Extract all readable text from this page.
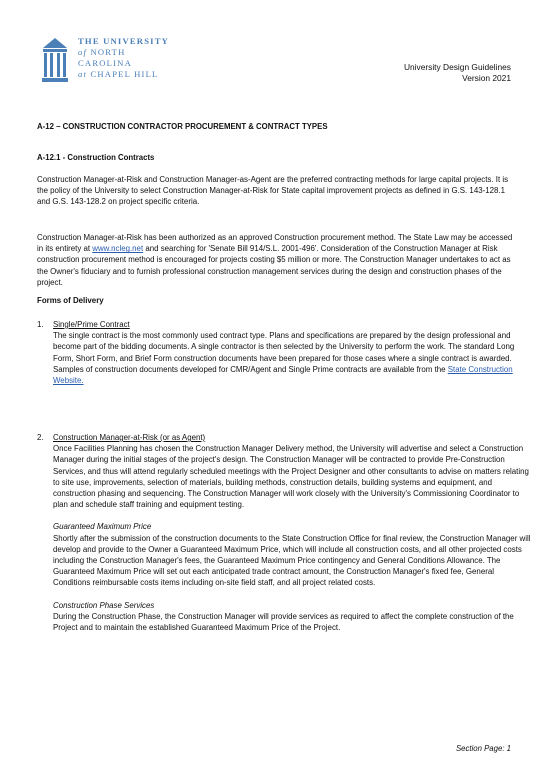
THE UNIVERSITY
of NORTH CAROLINA
at CHAPEL HILL
University Design Guidelines
Version 2021
A-12 – CONSTRUCTION CONTRACTOR PROCUREMENT & CONTRACT TYPES
A-12.1 - Construction Contracts

Construction Manager-at-Risk and Construction Manager-as-Agent are the preferred contracting methods for large capital projects. It is the policy of the University to select Construction Manager-at-Risk for State capital improvement projects as defined in G.S. 143-128.1 and G.S. 143-128.2 on project specific criteria.

Construction Manager-at-Risk has been authorized as an approved Construction procurement method. The State Law may be accessed in its entirety at www.ncleg.net and searching for 'Senate Bill 914/S.L. 2001-496'. Consideration of the Construction Manager at Risk construction procurement method is encouraged for projects costing $5 million or more. The Construction Manager undertakes to act as the Owner's fiduciary and to furnish professional construction management services during the design and construction phases of the project.

Forms of Delivery
1. Single/Prime Contract

The single contract is the most commonly used contract type. Plans and specifications are prepared by the design professional and become part of the bidding documents. A single contractor is then selected by the University to perform the work. The standard Long Form, Short Form, and Brief Form construction documents have been prepared for those cases where a single contract is awarded.

Samples of construction documents developed for CMR/Agent and Single Prime contracts are available from the State Construction Website.

2. Construction Manager-at-Risk (or as Agent)

Once Facilities Planning has chosen the Construction Manager Delivery method, the University will advertise and select a Construction Manager during the initial stages of the project's design. The Construction Manager will be contracted to provide Pre-Construction Services, and thus will attend regularly scheduled meetings with the Project Designer and other consultants to advise on matters relating to site use, improvements, selection of materials, building methods, construction details, building systems and equipment, and construction phasing and sequencing. The Construction Manager will work closely with the University's Commissioning Coordinator to plan and schedule staff training and equipment testing.

Guaranteed Maximum Price

Shortly after the submission of the construction documents to the State Construction Office for final review, the Construction Manager will develop and provide to the Owner a Guaranteed Maximum Price, which will include all construction costs, and all other projected costs including the Construction Manager's fees, the Guaranteed Maximum Price contingency and General Conditions Allowance. The Guaranteed Maximum Price will set out each anticipated trade contract amount, the Construction Manager's fixed fee, General Conditions reimbursable costs items including on-site field staff, and all project related costs.

Construction Phase Services

During the Construction Phase, the Construction Manager will provide services as required to affect the complete construction of the Project and to maintain the established Guaranteed Maximum Price of the Project.

Section Page: 1
